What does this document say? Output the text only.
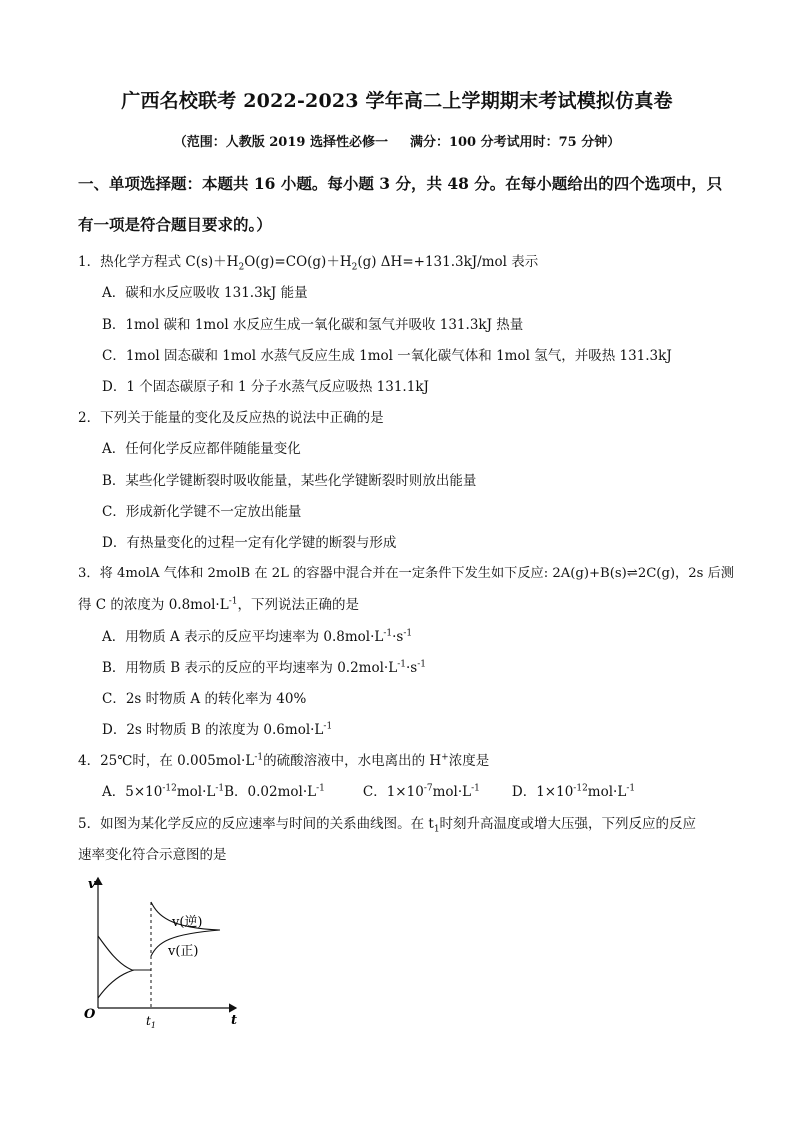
广西名校联考 2022-2023 学年高二上学期期末考试模拟仿真卷
（范围：人教版 2019 选择性必修一 满分：100 分考试用时：75 分钟）
一、单项选择题：本题共 16 小题。每小题 3 分，共 48 分。在每小题给出的四个选项中，只
有一项是符合题目要求的。）
1．热化学方程式 $C(s)+H_2O(g)=CO(g)+H_2(g)$ ΔH=+131.3kJ/mol 表示
A．碳和水反应吸收 131.3kJ 能量
B．1mol 碳和 1mol 水反应生成一氧化碳和氢气并吸收 131.3kJ 热量
C．1mol 固态碳和 1mol 水蒸气反应生成 1mol 一氧化碳气体和 1mol 氢气，并吸热 131.3kJ
D．1 个固态碳原子和 1 分子水蒸气反应吸热 131.1kJ
2．下列关于能量的变化及反应热的说法中正确的是
A．任何化学反应都伴随能量变化
B．某些化学键断裂时吸收能量，某些化学键断裂时则放出能量
C．形成新化学键不一定放出能量
D．有热量变化的过程一定有化学键的断裂与形成
3．将 4molA 气体和 2molB 在 2L 的容器中混合并在一定条件下发生如下反应: 2A(g)+B(s)⇌2C(g)，2s 后测
得 C 的浓度为 $0.8mol\cdot L^{-1}$，下列说法正确的是
A．用物质 A 表示的反应平均速率为 $0.8mol\cdot L^{-1}\cdot s^{-1}$
B．用物质 B 表示的反应的平均速率为 $0.2mol\cdot L^{-1}\cdot s^{-1}$
C．2s 时物质 A 的转化率为 40%
D．2s 时物质 B 的浓度为 $0.6mol\cdot L^{-1}$
4．25℃时，在 $0.005mol\cdot L^{-1}$的硫酸溶液中，水电离出的 H+浓度是
A．$5\times 10^{-12}mol\cdot L^{-1}B$．$0.02mol\cdot L^{-1}$	C．$1\times 10^{-7}mol\cdot L^{-1}$ D．$1\times 10^{-12}mol\cdot L^{-1}$
5．如图为某化学反应的反应速率与时间的关系曲线图。在 $t_1$时刻升高温度或增大压强，下列反应的反应
速率变化符合示意图的是
v
t
O
v(逆)
v(正)
$t_1$
